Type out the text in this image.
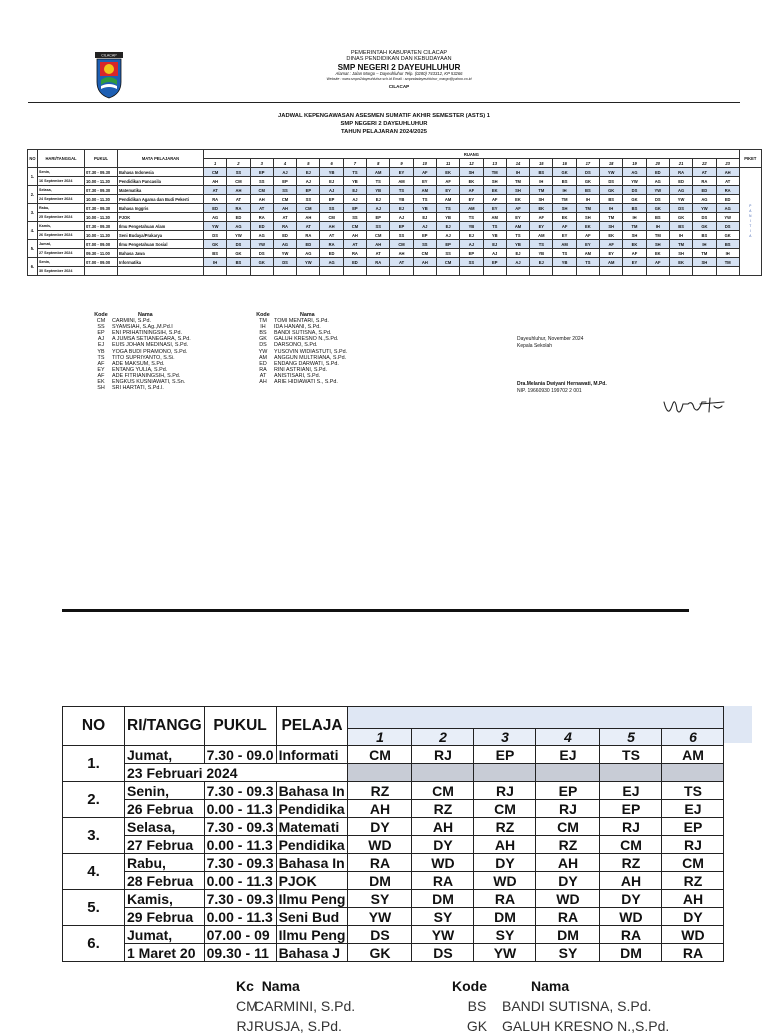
CILACAP	PEMERINTAH KABUPATEN CILACAP
DINAS PENDIDIKAN DAN KEBUDAYAAN
SMP NEGERI 2 DAYEUHLUHUR
Alamat : Jalan Margo – Dayeuhluhur Telp. (0280) 743312, KP 53266
Website : www.smpn2dayeuhluhur.sch.id Email : smpndadayeuhluhur_margo@yahoo.co.id
CILACAP
JADWAL KEPENGAWASAN ASESMEN SUMATIF AKHIR SEMESTER (ASTS) 1
SMP NEGERI 2 DAYEUHLUHUR
TAHUN PELAJARAN 2024/2025
NO	HARI/TANGGAL	PUKUL	MATA PELAJARAN	RUANG																							PIKET
				1	2	3	4	5	6	7	8	9	10	11	12	13	14	15	16	17	18	19	20	21	22	23	
1.	Senin,	07.30 - 09.30	Bahasa Indonesia	CM	SS	EP	AJ	EJ	YB	TS	AM	EY	AF	EK	SH	TM	IH	BS	GK	DS	YW	AG	ED	RA	AT	AH	PANITIA
	16 September 2024	10.00 - 11.30	Pendidikan Pancasila	AH	CM	SS	EP	AJ	EJ	YB	TS	AM	EY	AF	EK	SH	TM	IH	BS	GK	DS	YW	AG	ED	RA	AT	
2.	Selasa,	07.30 - 09.30	Matematika	AT	AH	CM	SS	EP	AJ	EJ	YB	TS	AM	EY	AF	EK	SH	TM	IH	BS	GK	DS	YW	AG	ED	RA	
	24 September 2024	10.00 - 11.30	Pendidikan Agama dan Budi Pekerti	RA	AT	AH	CM	SS	EP	AJ	EJ	YB	TS	AM	EY	AF	EK	SH	TM	IH	BS	GK	DS	YW	AG	ED	
3.	Rabu,	07.30 - 09.30	Bahasa Inggris	ED	RA	AT	AH	CM	SS	EP	AJ	EJ	YB	TS	AM	EY	AF	EK	SH	TM	IH	BS	GK	DS	YW	AG	
	25 September 2024	10.00 - 11.30	PJOK	AG	ED	RA	AT	AH	CM	SS	EP	AJ	EJ	YB	TS	AM	EY	AF	EK	SH	TM	IH	BS	GK	DS	YW	
4.	Kamis,	07.30 - 09.30	Ilmu Pengetahuan Alam	YW	AG	ED	RA	AT	AH	CM	SS	EP	AJ	EJ	YB	TS	AM	EY	AF	EK	SH	TM	IH	BS	GK	DS	
	26 September 2024	10.00 - 11.30	Seni Budaya/Prakarya	DS	YW	AG	ED	RA	AT	AH	CM	SS	EP	AJ	EJ	YB	TS	AM	EY	AF	EK	SH	TM	IH	BS	GK	
5.	Jumat,	07.00 - 09.00	Ilmu Pengetahuan Sosial	GK	DS	YW	AG	ED	RA	AT	AH	CM	SS	EP	AJ	EJ	YB	TS	AM	EY	AF	EK	SH	TM	IH	BS	
	27 September 2024	09.30 - 11.00	Bahasa Jawa	BS	GK	DS	YW	AG	ED	RA	AT	AH	CM	SS	EP	AJ	EJ	YB	TS	AM	EY	AF	EK	SH	TM	IH	
6.	Senin,	07.00 - 09.00	Informatika	IH	BS	GK	DS	YW	AG	ED	RA	AT	AH	CM	SS	EP	AJ	EJ	YB	TS	AM	EY	AF	EK	SH	TM	
	30 September 2024																										
Kode	Nama
CM CARMINI, S.Pd.
SS SYAMSIAH, S.Ag.,M.Pd.I
EP ENI PRIHATININGSIH, S.Pd.
AJ A JUMSA SETIANEGARA, S.Pd.
EJ EUIS JOHAN MEDINASI, S.Pd.
YB YOGA BUDI PRAMONO, S.Pd.
TS TITO SUPRIYANTO, S.Si.
AF ADE MAKSUM, S.Pd.
EY ENTANG YULIA, S.Pd.
AF ADE FITRIANINGSIH, S.Pd.
EK ENGKUS KUSNIAWATI, S.Sn.
SH SRI HARTATI, S.Pd.I.
Kode	Nama
TM TOMI MENTARI, S.Pd.
IH IDA HANANI, S.Pd.
BS BANDI SUTISNA, S.Pd.
GK GALUH KRESNO N.,S.Pd.
DS DARSONO, S.Pd.
YW YUSOVIN WIDIASTUTI, S.Pd.
AM ANGGUN MULTRIANA, S.Pd.
ED ENDANG DARWATI, S.Pd.
RA RINI ASTRIANI, S.Pd.
AT ANISTISARI, S.Pd.
AH ARIE HIDIAWATI S., S.Pd.
Dayeuhluhur, November 2024
Kepala Sekolah
Dra.Melania Dwiyani Hernawati, M.Pd.
NIP. 19660930 199702 2 001
NO	RI/TANGG	PUKUL	PELAJA						
				1	2	3	4	5	6
1.	Jumat,	7.30 - 09.0	Informati	CM	RJ	EP	EJ	TS	AM
	23 Februari 2024								
2.	Senin,	7.30 - 09.3	Bahasa In	RZ	CM	RJ	EP	EJ	TS
	26 Februa	0.00 - 11.3	Pendidika	AH	RZ	CM	RJ	EP	EJ
3.	Selasa,	7.30 - 09.3	Matemati	DY	AH	RZ	CM	RJ	EP
	27 Februa	0.00 - 11.3	Pendidika	WD	DY	AH	RZ	CM	RJ
4.	Rabu,	7.30 - 09.3	Bahasa In	RA	WD	DY	AH	RZ	CM
	28 Februa	0.00 - 11.3	PJOK	DM	RA	WD	DY	AH	RZ
5.	Kamis,	7.30 - 09.3	Ilmu Peng	SY	DM	RA	WD	DY	AH
	29 Februa	0.00 - 11.3	Seni Bud	YW	SY	DM	RA	WD	DY
6.	Jumat,	07.00 - 09	Ilmu Peng	DS	YW	SY	DM	RA	WD
	1 Maret 20	09.30 - 11	Bahasa J	GK	DS	YW	SY	DM	RA
Kc Nama
CMCARMINI, S.Pd.
RJRUSJA, S.Pd.
Kode	Nama
BS BANDI SUTISNA, S.Pd.
GK GALUH KRESNO N.,S.Pd.
